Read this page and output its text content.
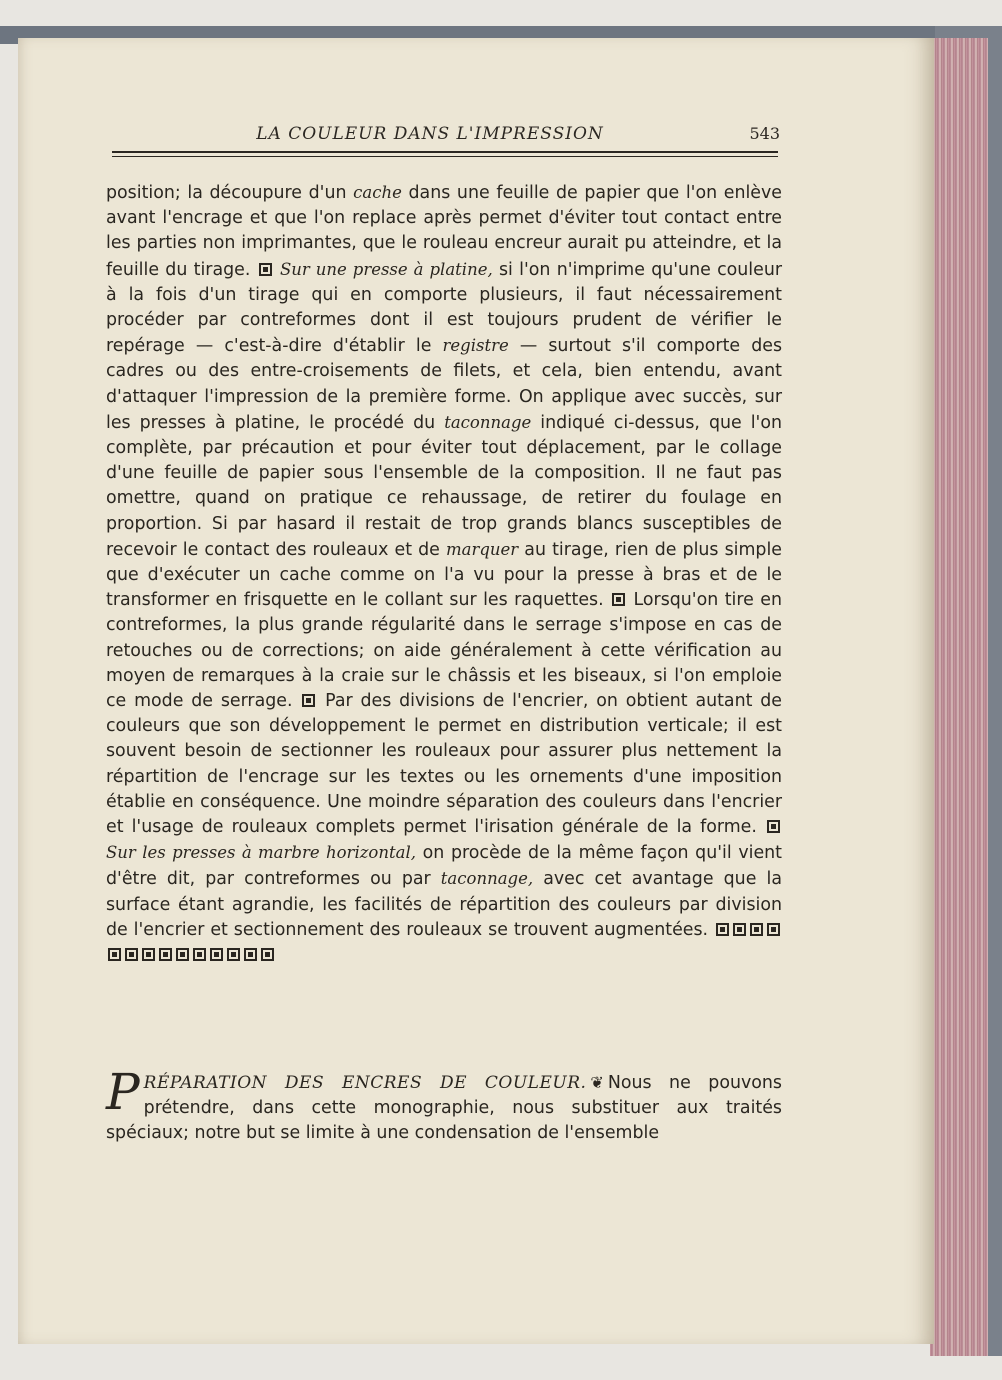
LA COULEUR DANS L'IMPRESSION	543

position; la découpure d'un cache dans une feuille de papier que l'on enlève avant l'encrage et que l'on replace après permet d'éviter tout contact entre les parties non imprimantes, que le rouleau encreur aurait pu atteindre, et la feuille du tirage.  Sur une presse à platine, si l'on n'imprime qu'une couleur à la fois d'un tirage qui en comporte plusieurs, il faut nécessairement procéder par contreformes dont il est toujours prudent de vérifier le repérage — c'est-à-dire d'établir le registre — surtout s'il comporte des cadres ou des entre-croisements de filets, et cela, bien entendu, avant d'attaquer l'impression de la première forme. On applique avec succès, sur les presses à platine, le procédé du taconnage indiqué ci-dessus, que l'on complète, par précaution et pour éviter tout déplacement, par le collage d'une feuille de papier sous l'ensemble de la composition. Il ne faut pas omettre, quand on pratique ce rehaussage, de retirer du foulage en proportion. Si par hasard il restait de trop grands blancs susceptibles de recevoir le contact des rouleaux et de marquer au tirage, rien de plus simple que d'exécuter un cache comme on l'a vu pour la presse à bras et de le transformer en frisquette en le collant sur les raquettes.  Lorsqu'on tire en contreformes, la plus grande régularité dans le serrage s'impose en cas de retouches ou de corrections; on aide généralement à cette vérification au moyen de remarques à la craie sur le châssis et les biseaux, si l'on emploie ce mode de serrage.  Par des divisions de l'encrier, on obtient autant de couleurs que son développement le permet en distribution verticale; il est souvent besoin de sectionner les rouleaux pour assurer plus nettement la répartition de l'encrage sur les textes ou les ornements d'une imposition établie en conséquence. Une moindre séparation des couleurs dans l'encrier et l'usage de rouleaux complets permet l'irisation générale de la forme.  Sur les presses à marbre horizontal, on procède de la même façon qu'il vient d'être dit, par contreformes ou par taconnage, avec cet avantage que la surface étant agrandie, les facilités de répartition des couleurs par division de l'encrier et sectionnement des rouleaux se trouvent augmentées.

PRÉPARATION DES ENCRES DE COULEUR. ❦ Nous ne pouvons prétendre, dans cette monographie, nous substituer aux traités spéciaux; notre but se limite à une condensation de l'ensemble
